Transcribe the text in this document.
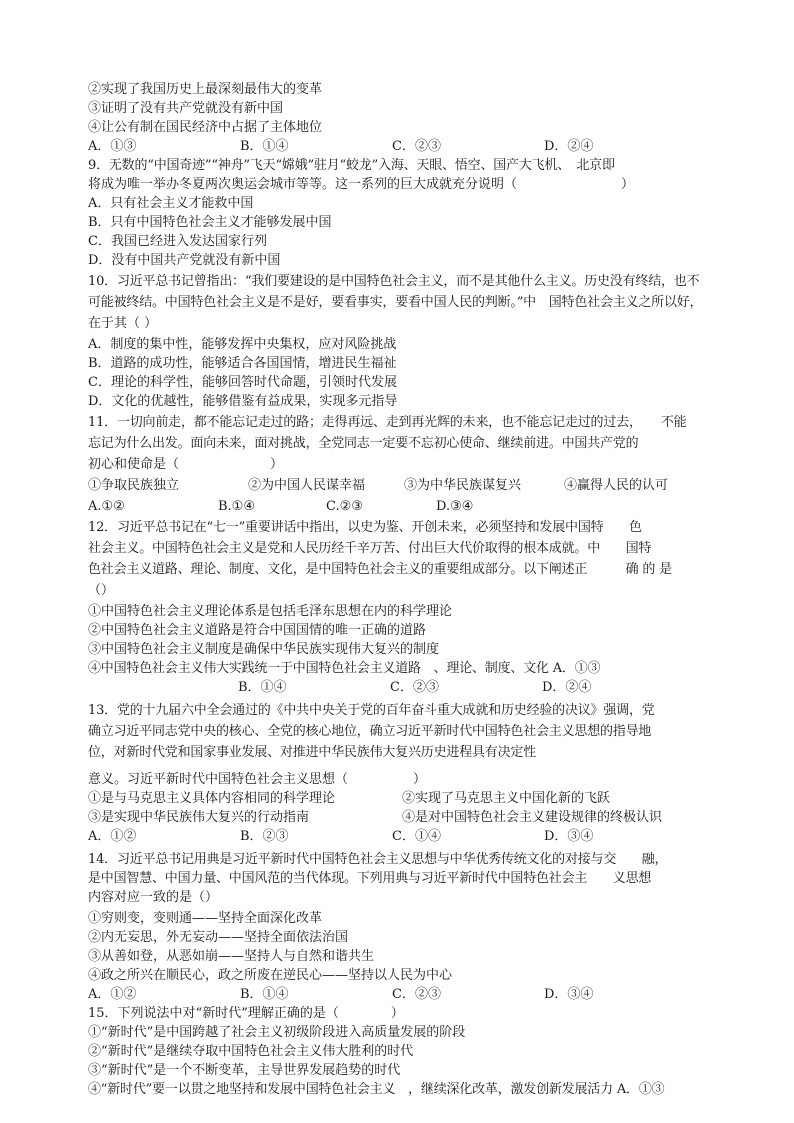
②实现了我国历史上最深刻最伟大的变革
③证明了没有共产党就没有新中国
④让公有制在国民经济中占据了主体地位
A．①③	B．①④	C．②③	D．②④
9．无数的“中国奇迹”“神舟”飞天“嫦娥”驻月“蛟龙”入海、天眼、悟空、国产大飞机、　北京即
将成为唯一举办冬夏两次奥运会城市等等。这一系列的巨大成就充分说明（　　　　　　　　）
A．只有社会主义才能救中国
B．只有中国特色社会主义才能够发展中国
C．我国已经进入发达国家行列
D．没有中国共产党就没有新中国
10．习近平总书记曾指出：“我们要建设的是中国特色社会主义，而不是其他什么主义。历史没有终结，也不
可能被终结。中国特色社会主义是不是好，要看事实，要看中国人民的判断。”中　国特色社会主义之所以好，
在于其（ ）
A．制度的集中性，能够发挥中央集权，应对风险挑战
B．道路的成功性，能够适合各国国情，增进民生福祉
C．理论的科学性，能够回答时代命题，引领时代发展
D．文化的优越性，能够借鉴有益成果，实现多元指导
11．一切向前走，都不能忘记走过的路；走得再远、走到再光辉的未来，也不能忘记走过的过去，　　不能
忘记为什么出发。面向未来，面对挑战，全党同志一定要不忘初心使命、继续前进。中国共产党的
初心和使命是（　　　　　　　）
①争取民族独立	②为中国人民谋幸福	③为中华民族谋复兴	④赢得人民的认可
A.①②	B.①④	C.②③	D.③④
12．习近平总书记在“七一”重要讲话中指出，以史为鉴、开创未来，必须坚持和发展中国特　　色
社会主义。中国特色社会主义是党和人民历经千辛万苦、付出巨大代价取得的根本成就。中　　国特
色社会主义道路、理论、制度、文化，是中国特色社会主义的重要组成部分。以下阐述正　　　确 的 是
（）
①中国特色社会主义理论体系是包括毛泽东思想在内的科学理论
②中国特色社会主义道路是符合中国国情的唯一正确的道路
③中国特色社会主义制度是确保中华民族实现伟大复兴的制度
④中国特色社会主义伟大实践统一于中国特色社会主义道路　、理论、制度、文化 A．①③
B．①④	C．②③	D．②④
13．党的十九届六中全会通过的《中共中央关于党的百年奋斗重大成就和历史经验的决议》强调，党
确立习近平同志党中央的核心、全党的核心地位，确立习近平新时代中国特色社会主义思想的指导地
位，对新时代党和国家事业发展、对推进中华民族伟大复兴历史进程具有决定性
意义。习近平新时代中国特色社会主义思想（　　　　　）
①是与马克思主义具体内容相同的科学理论	②实现了马克思主义中国化新的飞跃
③是实现中华民族伟大复兴的行动指南	④是对中国特色社会主义建设规律的终极认识
A．①②	B．②③	C．①④	D．③④
14．习近平总书记用典是习近平新时代中国特色社会主义思想与中华优秀传统文化的对接与交　　融，
是中国智慧、中国力量、中国风范的当代体现。下列用典与习近平新时代中国特色社会主　　义思想
内容对应一致的是（）
①穷则变，变则通——坚持全面深化改革
②内无妄思，外无妄动——坚持全面依法治国
③从善如登，从恶如崩——坚持人与自然和谐共生
④政之所兴在顺民心，政之所废在逆民心——坚持以人民为中心
A．①②	B．①④	C．②③	D．③④
15．下列说法中对“新时代”理解正确的是（　　　　）
①“新时代”是中国跨越了社会主义初级阶段进入高质量发展的阶段
②“新时代”是继续夺取中国特色社会主义伟大胜利的时代
③“新时代”是一个不断变革，主导世界发展趋势的时代
④“新时代”要一以贯之地坚持和发展中国特色社会主义　，继续深化改革，激发创新发展活力 A．①③
